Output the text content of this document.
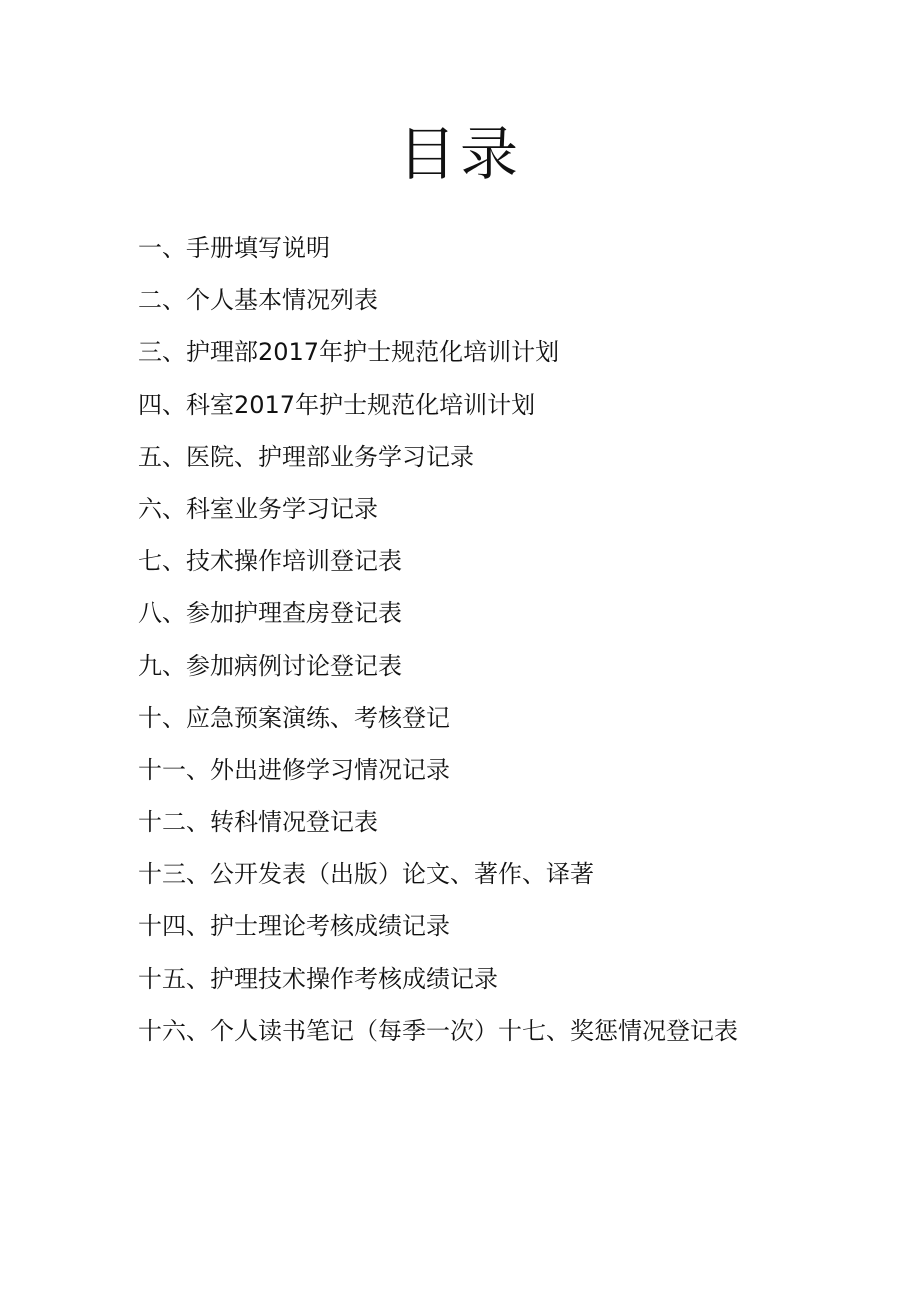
目录
一、手册填写说明
二、个人基本情况列表
三、护理部2017年护士规范化培训计划
四、科室2017年护士规范化培训计划
五、医院、护理部业务学习记录
六、科室业务学习记录
七、技术操作培训登记表
八、参加护理查房登记表
九、参加病例讨论登记表
十、应急预案演练、考核登记
十一、外出进修学习情况记录
十二、转科情况登记表
十三、公开发表（出版）论文、著作、译著
十四、护士理论考核成绩记录
十五、护理技术操作考核成绩记录
十六、个人读书笔记（每季一次）十七、奖惩情况登记表
